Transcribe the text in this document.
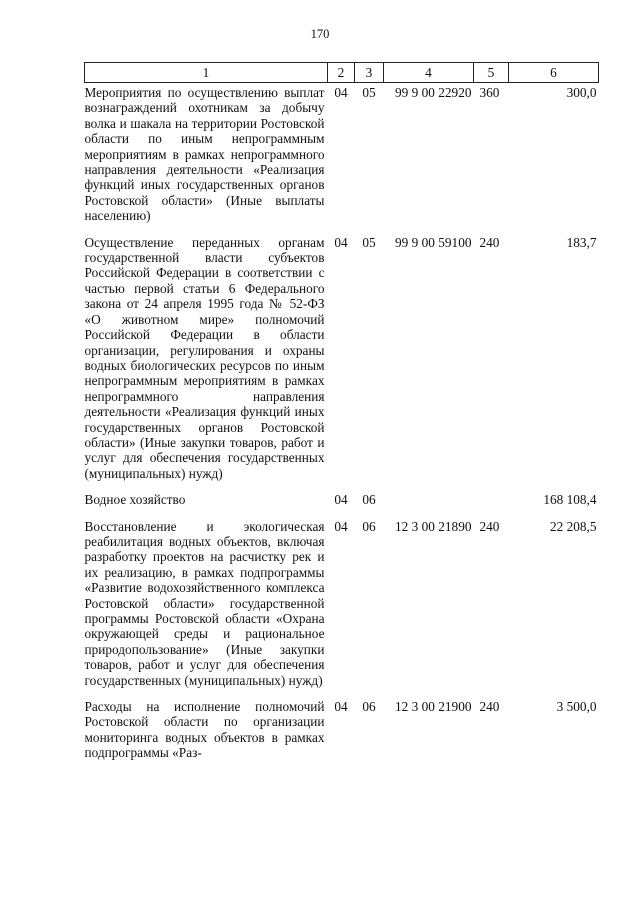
170
1	2	3	4	5	6
Мероприятия по осуществлению выплат вознаграждений охотникам за добычу волка и шакала на территории Ростовской области по иным непрограммным мероприятиям в рамках непрограммного направления деятельности «Реализация функций иных государственных органов Ростовской области» (Иные выплаты населению)	04	05	99 9 00 22920	360	300,0
Осуществление переданных органам государственной власти субъектов Российской Федерации в соответствии с частью первой статьи 6 Федерального закона от 24 апреля 1995 года № 52-ФЗ «О животном мире» полномочий Российской Федерации в области организации, регулирования и охраны водных биологических ресурсов по иным непрограммным мероприятиям в рамках непрограммного направления деятельности «Реализация функций иных государственных органов Ростовской области» (Иные закупки товаров, работ и услуг для обеспечения государственных (муниципальных) нужд)	04	05	99 9 00 59100	240	183,7
Водное хозяйство	04	06			168 108,4
Восстановление и экологическая реабилитация водных объектов, включая разработку проектов на расчистку рек и их реализацию, в рамках подпрограммы «Развитие водохозяйственного комплекса Ростовской области» государственной программы Ростовской области «Охрана окружающей среды и рациональное природопользование» (Иные закупки товаров, работ и услуг для обеспечения государственных (муниципальных) нужд)	04	06	12 3 00 21890	240	22 208,5
Расходы на исполнение полномочий Ростовской области по организации мониторинга водных объектов в рамках подпрограммы «Раз-	04	06	12 3 00 21900	240	3 500,0
